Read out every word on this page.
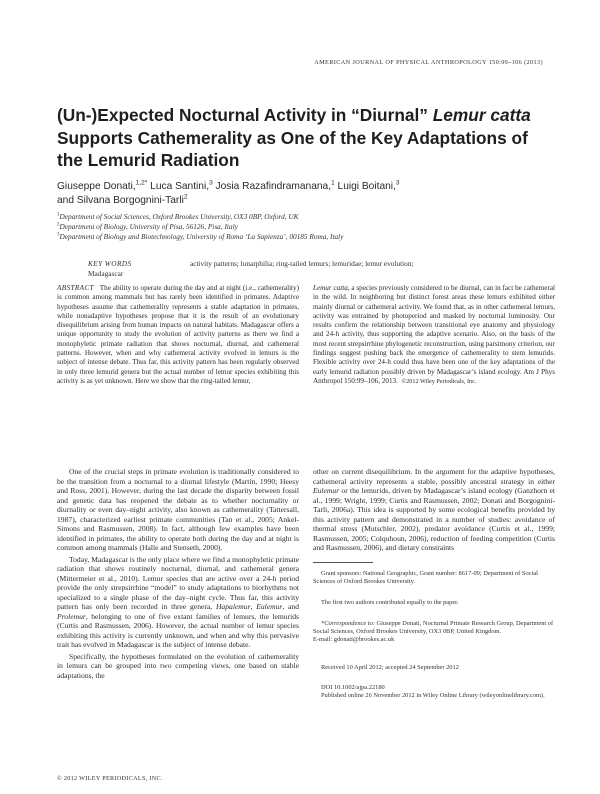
AMERICAN JOURNAL OF PHYSICAL ANTHROPOLOGY 150:99–106 (2013)
(Un-)Expected Nocturnal Activity in “Diurnal” Lemur catta Supports Cathemerality as One of the Key Adaptations of the Lemurid Radiation
Giuseppe Donati,$^{1,2*}$ Luca Santini,$^3$ Josia Razafindramanana,$^1$ Luigi Boitani,$^3$
and Silvana Borgognini-Tarli$^2$
$^1$Department of Social Sciences, Oxford Brookes University, OX3 0BP, Oxford, UK
$^2$Department of Biology, University of Pisa, 56126, Pisa, Italy
$^3$Department of Biology and Biotechnology, University of Roma ‘La Sapienza’, 00185 Roma, Italy
KEY WORDS
Madagascar
activity patterns; lunarphilia; ring-tailed lemurs; lemuridae; lemur evolution;
ABSTRACT The ability to operate during the day and at night (i.e., cathemerality) is common among mammals but has rarely been identified in primates. Adaptive hypotheses assume that cathemerality represents a stable adaptation in primates, while nonadaptive hypotheses propose that it is the result of an evolutionary disequilibrium arising from human impacts on natural habitats. Madagascar offers a unique opportunity to study the evolution of activity patterns as there we find a monophyletic primate radiation that shows nocturnal, diurnal, and cathemeral patterns. However, when and why cathemeral activity evolved in lemurs is the subject of intense debate. Thus far, this activity pattern has been regularly observed in only three lemurid genera but the actual number of lemur species exhibiting this activity is as yet unknown. Here we show that the ring-tailed lemur,
Lemur catta, a species previously considered to be diurnal, can in fact be cathemeral in the wild. In neighboring but distinct forest areas these lemurs exhibited either mainly diurnal or cathemeral activity. We found that, as in other cathemeral lemurs, activity was entrained by photoperiod and masked by nocturnal luminosity. Our results confirm the relationship between transitional eye anatomy and physiology and 24-h activity, thus supporting the adaptive scenario. Also, on the basis of the most recent strepsirrhine phylogenetic reconstruction, using parsimony criterion, our findings suggest pushing back the emergence of cathemerality to stem lemurids. Flexible activity over 24-h could thus have been one of the key adaptations of the early lemurid radiation possibly driven by Madagascar’s island ecology. Am J Phys Anthropol 150:99–106, 2013. ©2012 Wiley Periodicals, Inc.

One of the crucial steps in primate evolution is traditionally considered to be the transition from a nocturnal to a diurnal lifestyle (Martin, 1990; Heesy and Ross, 2001). However, during the last decade the disparity between fossil and genetic data has reopened the debate as to whether nocturnality or diurnality or even day–night activity, also known as cathemerality (Tattersall, 1987), characterized earliest primate communities (Tan et al., 2005; Ankel-Simons and Rasmussen, 2008). In fact, although few examples have been identified in primates, the ability to operate both during the day and at night is common among mammals (Halle and Stenseth, 2000).

Today, Madagascar is the only place where we find a monophyletic primate radiation that shows routinely nocturnal, diurnal, and cathemeral genera (Mittermeier et al., 2010). Lemur species that are active over a 24-h period provide the only strepsirrhine “model” to study adaptations to biorhythms not specialized to a single phase of the day–night cycle. Thus far, this activity pattern has only been recorded in three genera, Hapalemur, Eulemur, and Prolemur, belonging to one of five extant families of lemurs, the lemurids (Curtis and Rasmussen, 2006). However, the actual number of lemur species exhibiting this activity is currently unknown, and when and why this pervasive trait has evolved in Madagascar is the subject of intense debate.

Specifically, the hypotheses formulated on the evolution of cathemerality in lemurs can be grouped into two competing views, one based on stable adaptations, the

other on current disequilibrium. In the argument for the adaptive hypotheses, cathemeral activity represents a stable, possibly ancestral strategy in either Eulemur or the lemurids, driven by Madagascar’s island ecology (Ganzhorn et al., 1999; Wright, 1999; Curtis and Rasmussen, 2002; Donati and Borgognini-Tarli, 2006a). This idea is supported by some ecological benefits provided by this activity pattern and demonstrated in a number of studies: avoidance of thermal stress (Mutschler, 2002), predator avoidance (Curtis et al., 1999; Rasmussen, 2005; Colquhoun, 2006), reduction of feeding competition (Curtis and Rasmussen, 2006), and dietary constraints

Grant sponsors: National Geographic, Grant number: 8617-09; Department of Social Sciences of Oxford Brookes University.

The first two authors contributed equally to the paper.

*Correspondence to: Giuseppe Donati, Nocturnal Primate Research Group, Department of Social Sciences, Oxford Brookes University, OX3 0BP, United Kingdom.

E-mail: gdonati@brookes.ac.uk

Received 10 April 2012; accepted 24 September 2012

DOI 10.1002/ajpa.22180

Published online 26 November 2012 in Wiley Online Library (wileyonlinelibrary.com).

© 2012 WILEY PERIODICALS, INC.
